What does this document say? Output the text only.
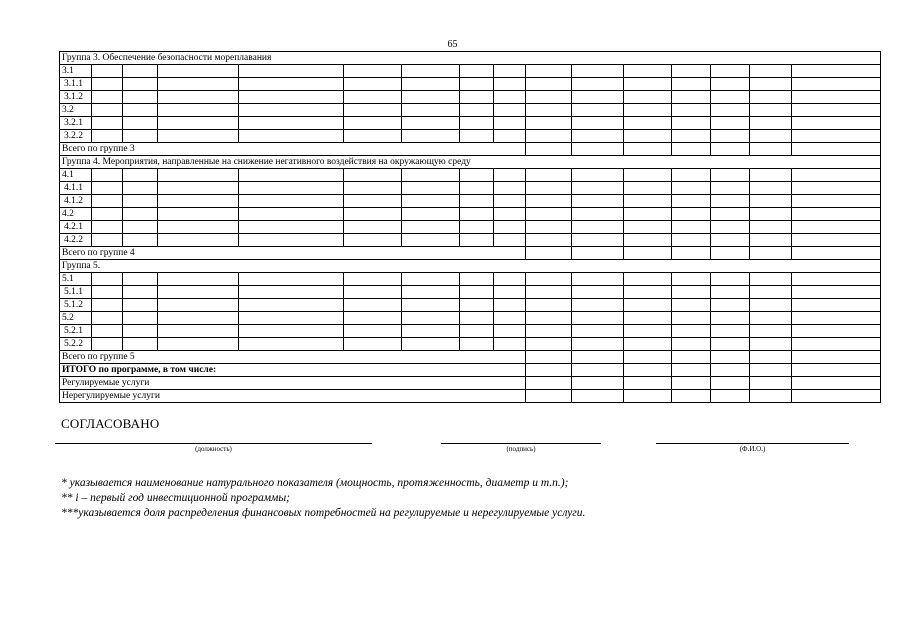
65
Группа 3. Обеспечение безопасности мореплавания															
3.1															
3.1.1															
3.1.2															
3.2															
3.2.1															
3.2.2															
Всего по группе 3															
Группа 4. Мероприятия, направленные на снижение негативного воздействия на окружающую среду															
4.1															
4.1.1															
4.1.2															
4.2															
4.2.1															
4.2.2															
Всего по группе 4															
Группа 5.															
5.1															
5.1.1															
5.1.2															
5.2															
5.2.1															
5.2.2															
Всего по группе 5															
ИТОГО по программе, в том числе:															
Регулируемые услуги															
Нерегулируемые услуги															
СОГЛАСОВАНО
(должность)	(подпись)	(Ф.И.О.)
* указывается наименование натурального показателя (мощность, протяженность, диаметр и т.п.);
** i – первый год инвестиционной программы;
***указывается доля распределения финансовых потребностей на регулируемые и нерегулируемые услуги.
